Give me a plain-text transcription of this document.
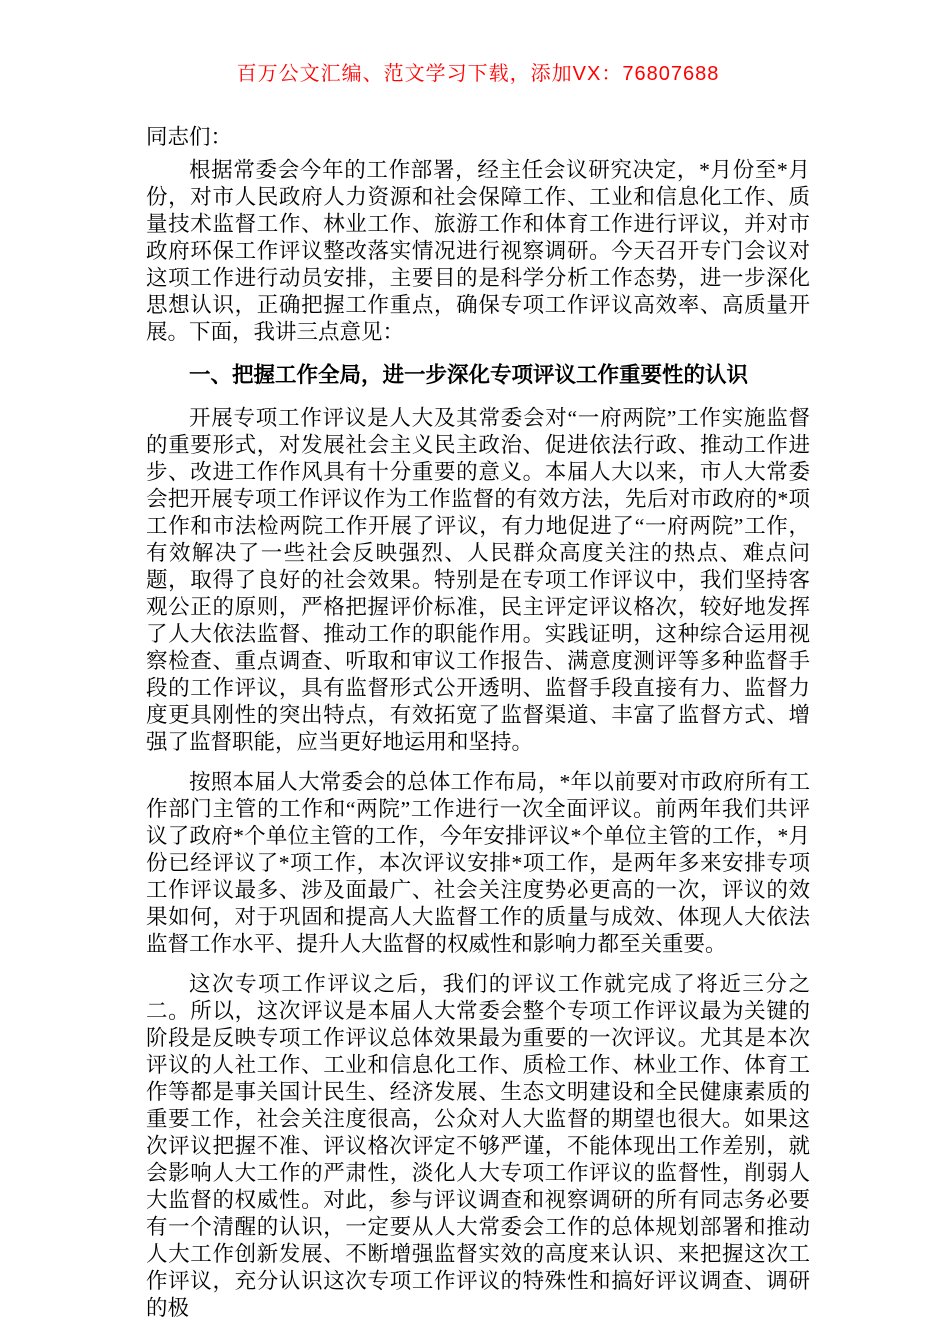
百万公文汇编、范文学习下载，添加VX：76807688

同志们：

根据常委会今年的工作部署，经主任会议研究决定，*月份至*月份，对市人民政府人力资源和社会保障工作、工业和信息化工作、质量技术监督工作、林业工作、旅游工作和体育工作进行评议，并对市政府环保工作评议整改落实情况进行视察调研。今天召开专门会议对这项工作进行动员安排，主要目的是科学分析工作态势，进一步深化思想认识，正确把握工作重点，确保专项工作评议高效率、高质量开展。下面，我讲三点意见：

一、把握工作全局，进一步深化专项评议工作重要性的认识

开展专项工作评议是人大及其常委会对“一府两院”工作实施监督的重要形式，对发展社会主义民主政治、促进依法行政、推动工作进步、改进工作作风具有十分重要的意义。本届人大以来，市人大常委会把开展专项工作评议作为工作监督的有效方法，先后对市政府的*项工作和市法检两院工作开展了评议，有力地促进了“一府两院”工作，有效解决了一些社会反映强烈、人民群众高度关注的热点、难点问题，取得了良好的社会效果。特别是在专项工作评议中，我们坚持客观公正的原则，严格把握评价标准，民主评定评议格次，较好地发挥了人大依法监督、推动工作的职能作用。实践证明，这种综合运用视察检查、重点调查、听取和审议工作报告、满意度测评等多种监督手段的工作评议，具有监督形式公开透明、监督手段直接有力、监督力度更具刚性的突出特点，有效拓宽了监督渠道、丰富了监督方式、增强了监督职能，应当更好地运用和坚持。

按照本届人大常委会的总体工作布局，*年以前要对市政府所有工作部门主管的工作和“两院”工作进行一次全面评议。前两年我们共评议了政府*个单位主管的工作，今年安排评议*个单位主管的工作，*月份已经评议了*项工作，本次评议安排*项工作，是两年多来安排专项工作评议最多、涉及面最广、社会关注度势必更高的一次，评议的效果如何，对于巩固和提高人大监督工作的质量与成效、体现人大依法监督工作水平、提升人大监督的权威性和影响力都至关重要。

这次专项工作评议之后，我们的评议工作就完成了将近三分之二。所以，这次评议是本届人大常委会整个专项工作评议最为关键的阶段是反映专项工作评议总体效果最为重要的一次评议。尤其是本次评议的人社工作、工业和信息化工作、质检工作、林业工作、体育工作等都是事关国计民生、经济发展、生态文明建设和全民健康素质的重要工作，社会关注度很高，公众对人大监督的期望也很大。如果这次评议把握不准、评议格次评定不够严谨，不能体现出工作差别，就会影响人大工作的严肃性，淡化人大专项工作评议的监督性，削弱人大监督的权威性。对此，参与评议调查和视察调研的所有同志务必要有一个清醒的认识，一定要从人大常委会工作的总体规划部署和推动人大工作创新发展、不断增强监督实效的高度来认识、来把握这次工作评议，充分认识这次专项工作评议的特殊性和搞好评议调查、调研的极
